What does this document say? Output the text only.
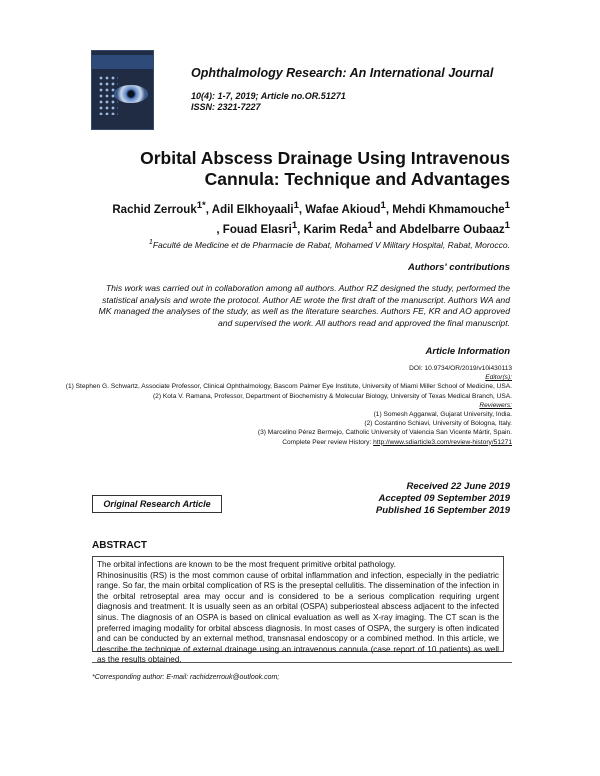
Ophthalmology Research: An International Journal
10(4): 1-7, 2019; Article no.OR.51271
ISSN: 2321-7227
Orbital Abscess Drainage Using Intravenous
Cannula: Technique and Advantages
Rachid Zerrouk$^{1*}$, Adil Elkhoyaali$^1$, Wafae Akioud$^1$, Mehdi Khmamouche$^1$
, Fouad Elasri$^1$, Karim Reda$^1$ and Abdelbarre Oubaaz$^1$
$^1$Faculté de Medicine et de Pharmacie de Rabat, Mohamed V Military Hospital, Rabat, Morocco.
Authors' contributions
This work was carried out in collaboration among all authors. Author RZ designed the study, performed the statistical analysis and wrote the protocol. Author AE wrote the first draft of the manuscript. Authors WA and MK managed the analyses of the study, as well as the literature searches. Authors FE, KR and AO approved and supervised the work. All authors read and approved the final manuscript.
Article Information
DOI: 10.9734/OR/2019/v10i430113
Editor(s):
(1) Stephen G. Schwartz, Associate Professor, Clinical Ophthalmology, Bascom Palmer Eye Institute, University of Miami Miller School of Medicine, USA.
(2) Kota V. Ramana, Professor, Department of Biochemistry & Molecular Biology, University of Texas Medical Branch, USA.
Reviewers:
(1) Somesh Aggarwal, Gujarat University, India.
(2) Costantino Schiavi, University of Bologna, Italy.
(3) Marcelino Pérez Bermejo, Catholic University of Valencia San Vicente Mártir, Spain.
Complete Peer review History: http://www.sdiarticle3.com/review-history/51271
Original Research Article
Received 22 June 2019
Accepted 09 September 2019
Published 16 September 2019
ABSTRACT

The orbital infections are known to be the most frequent primitive orbital pathology.

Rhinosinusitis (RS) is the most common cause of orbital inflammation and infection, especially in the pediatric range. So far, the main orbital complication of RS is the preseptal cellulitis. The dissemination of the infection in the orbital retroseptal area may occur and is considered to be a serious complication requiring urgent diagnosis and treatment. It is usually seen as an orbital (OSPA) subperiosteal abscess adjacent to the infected sinus. The diagnosis of an OSPA is based on clinical evaluation as well as X-ray imaging. The CT scan is the preferred imaging modality for orbital abscess diagnosis. In most cases of OSPA, the surgery is often indicated and can be conducted by an external method, transnasal endoscopy or a combined method. In this article, we describe the technique of external drainage using an intravenous cannula (case report of 10 patients) as well as the results obtained.

*Corresponding author: E-mail: rachidzerrouk@outlook.com;
